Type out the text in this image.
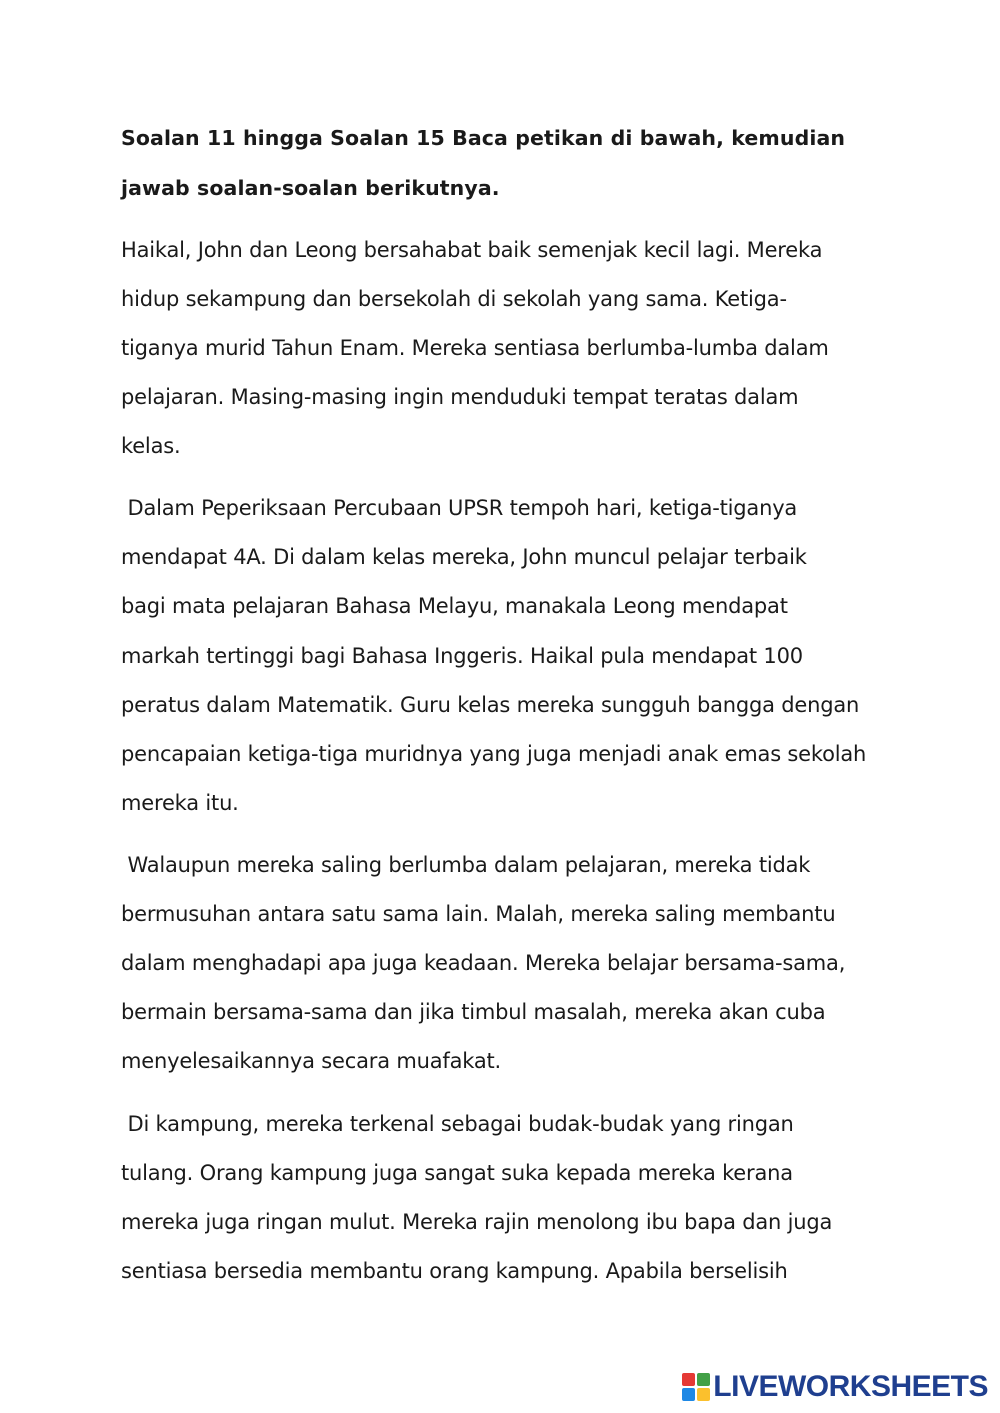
Soalan 11 hingga Soalan 15 Baca petikan di bawah, kemudian
jawab soalan-soalan berikutnya.
Haikal, John dan Leong bersahabat baik semenjak kecil lagi. Mereka
hidup sekampung dan bersekolah di sekolah yang sama. Ketiga-
tiganya murid Tahun Enam. Mereka sentiasa berlumba-lumba dalam
pelajaran. Masing-masing ingin menduduki tempat teratas dalam
kelas.
Dalam Peperiksaan Percubaan UPSR tempoh hari, ketiga-tiganya
mendapat 4A. Di dalam kelas mereka, John muncul pelajar terbaik
bagi mata pelajaran Bahasa Melayu, manakala Leong mendapat
markah tertinggi bagi Bahasa Inggeris. Haikal pula mendapat 100
peratus dalam Matematik. Guru kelas mereka sungguh bangga dengan
pencapaian ketiga-tiga muridnya yang juga menjadi anak emas sekolah
mereka itu.
Walaupun mereka saling berlumba dalam pelajaran, mereka tidak
bermusuhan antara satu sama lain. Malah, mereka saling membantu
dalam menghadapi apa juga keadaan. Mereka belajar bersama-sama,
bermain bersama-sama dan jika timbul masalah, mereka akan cuba
menyelesaikannya secara muafakat.
Di kampung, mereka terkenal sebagai budak-budak yang ringan
tulang. Orang kampung juga sangat suka kepada mereka kerana
mereka juga ringan mulut. Mereka rajin menolong ibu bapa dan juga
sentiasa bersedia membantu orang kampung. Apabila berselisih
LIVEWORKSHEETS
